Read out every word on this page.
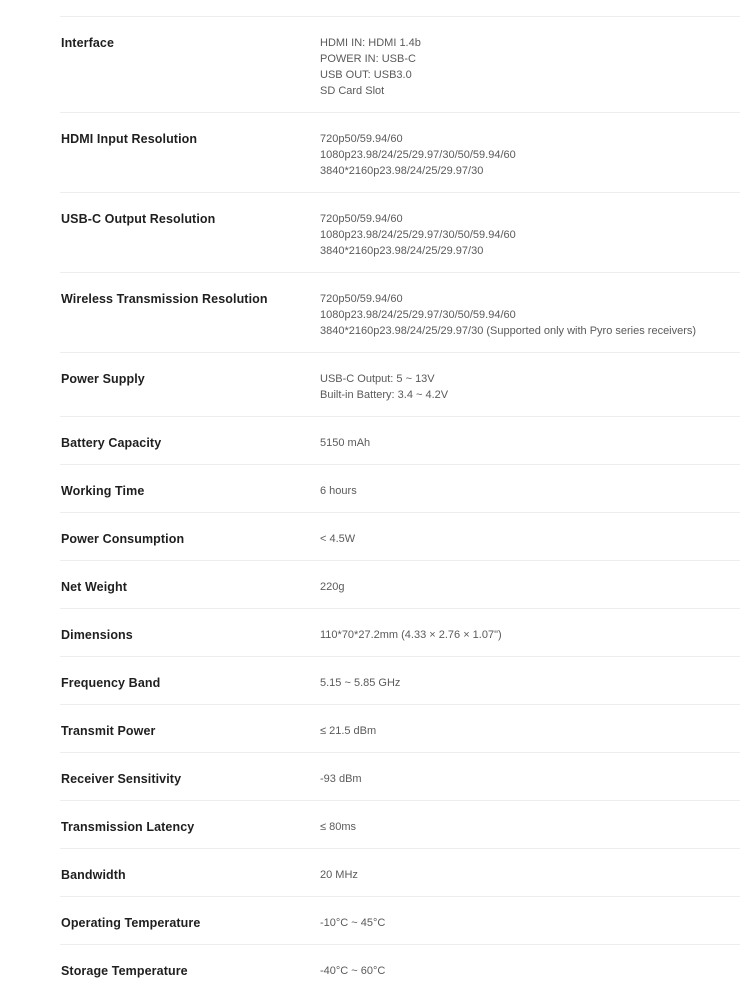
Interface	HDMI IN: HDMI 1.4b
POWER IN: USB-C
USB OUT: USB3.0
SD Card Slot
HDMI Input Resolution	720p50/59.94/60
1080p23.98/24/25/29.97/30/50/59.94/60
3840*2160p23.98/24/25/29.97/30
USB-C Output Resolution	720p50/59.94/60
1080p23.98/24/25/29.97/30/50/59.94/60
3840*2160p23.98/24/25/29.97/30
Wireless Transmission Resolution	720p50/59.94/60
1080p23.98/24/25/29.97/30/50/59.94/60
3840*2160p23.98/24/25/29.97/30 (Supported only with Pyro series receivers)
Power Supply	USB-C Output: 5 ~ 13V
Built-in Battery: 3.4 ~ 4.2V
Battery Capacity	5150 mAh
Working Time	6 hours
Power Consumption	< 4.5W
Net Weight	220g
Dimensions	110*70*27.2mm (4.33 × 2.76 × 1.07")
Frequency Band	5.15 ~ 5.85 GHz
Transmit Power	≤ 21.5 dBm
Receiver Sensitivity	-93 dBm
Transmission Latency	≤ 80ms
Bandwidth	20 MHz
Operating Temperature	-10°C ~ 45°C
Storage Temperature	-40°C ~ 60°C
